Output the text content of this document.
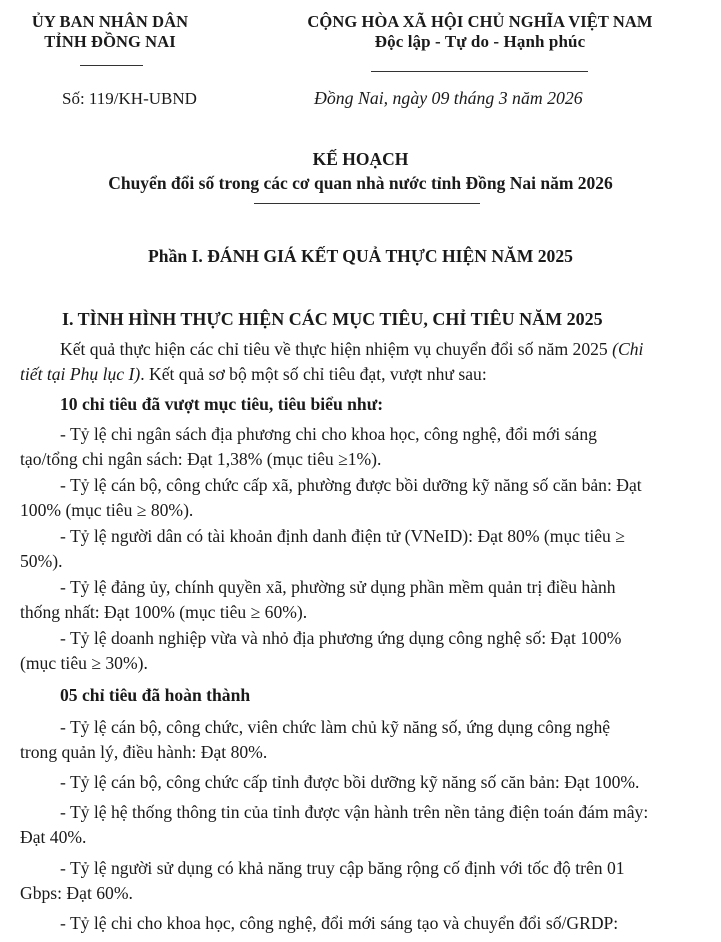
ỦY BAN NHÂN DÂN
TỈNH ĐỒNG NAI
CỘNG HÒA XÃ HỘI CHỦ NGHĨA VIỆT NAM
Độc lập - Tự do - Hạnh phúc
Số: 119/KH-UBND	Đồng Nai, ngày 09 tháng 3 năm 2026
KẾ HOẠCH
Chuyển đổi số trong các cơ quan nhà nước tỉnh Đồng Nai năm 2026
Phần I. ĐÁNH GIÁ KẾT QUẢ THỰC HIỆN NĂM 2025
I. TÌNH HÌNH THỰC HIỆN CÁC MỤC TIÊU, CHỈ TIÊU NĂM 2025
Kết quả thực hiện các chỉ tiêu về thực hiện nhiệm vụ chuyển đổi số năm 2025 (Chi
tiết tại Phụ lục I). Kết quả sơ bộ một số chỉ tiêu đạt, vượt như sau:
10 chỉ tiêu đã vượt mục tiêu, tiêu biểu như:
- Tỷ lệ chi ngân sách địa phương chi cho khoa học, công nghệ, đổi mới sáng
tạo/tổng chi ngân sách: Đạt 1,38% (mục tiêu ≥1%).
- Tỷ lệ cán bộ, công chức cấp xã, phường được bồi dưỡng kỹ năng số căn bản: Đạt
100% (mục tiêu ≥ 80%).
- Tỷ lệ người dân có tài khoản định danh điện tử (VNeID): Đạt 80% (mục tiêu ≥
50%).
- Tỷ lệ đảng ủy, chính quyền xã, phường sử dụng phần mềm quản trị điều hành
thống nhất: Đạt 100% (mục tiêu ≥ 60%).
- Tỷ lệ doanh nghiệp vừa và nhỏ địa phương ứng dụng công nghệ số: Đạt 100%
(mục tiêu ≥ 30%).
05 chỉ tiêu đã hoàn thành
- Tỷ lệ cán bộ, công chức, viên chức làm chủ kỹ năng số, ứng dụng công nghệ
trong quản lý, điều hành: Đạt 80%.
- Tỷ lệ cán bộ, công chức cấp tỉnh được bồi dưỡng kỹ năng số căn bản: Đạt 100%.
- Tỷ lệ hệ thống thông tin của tỉnh được vận hành trên nền tảng điện toán đám mây:
Đạt 40%.
- Tỷ lệ người sử dụng có khả năng truy cập băng rộng cố định với tốc độ trên 01
Gbps: Đạt 60%.
- Tỷ lệ chi cho khoa học, công nghệ, đổi mới sáng tạo và chuyển đổi số/GRDP:
